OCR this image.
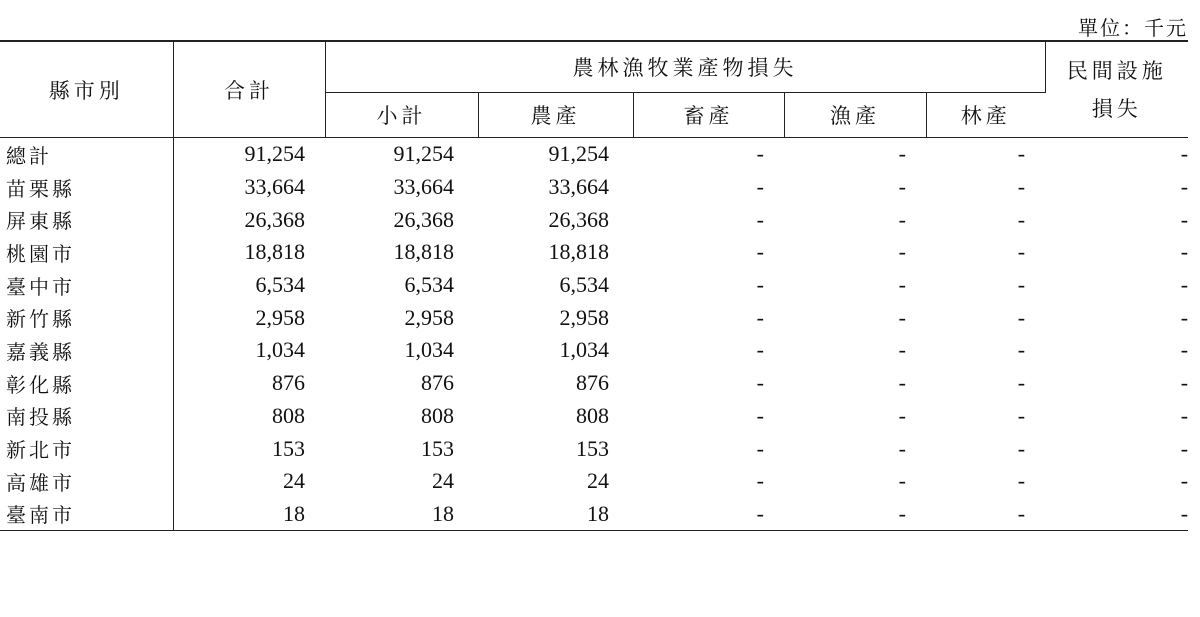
單位：千元
縣市別	合計	農林漁牧業產物損失					民間設施
損失

		小計	農產	畜產	漁產	林產	
總計	91,254	91,254	91,254	-	-	-	-
苗栗縣	33,664	33,664	33,664	-	-	-	-
屏東縣	26,368	26,368	26,368	-	-	-	-
桃園市	18,818	18,818	18,818	-	-	-	-
臺中市	6,534	6,534	6,534	-	-	-	-
新竹縣	2,958	2,958	2,958	-	-	-	-
嘉義縣	1,034	1,034	1,034	-	-	-	-
彰化縣	876	876	876	-	-	-	-
南投縣	808	808	808	-	-	-	-
新北市	153	153	153	-	-	-	-
高雄市	24	24	24	-	-	-	-
臺南市	18	18	18	-	-	-	-
